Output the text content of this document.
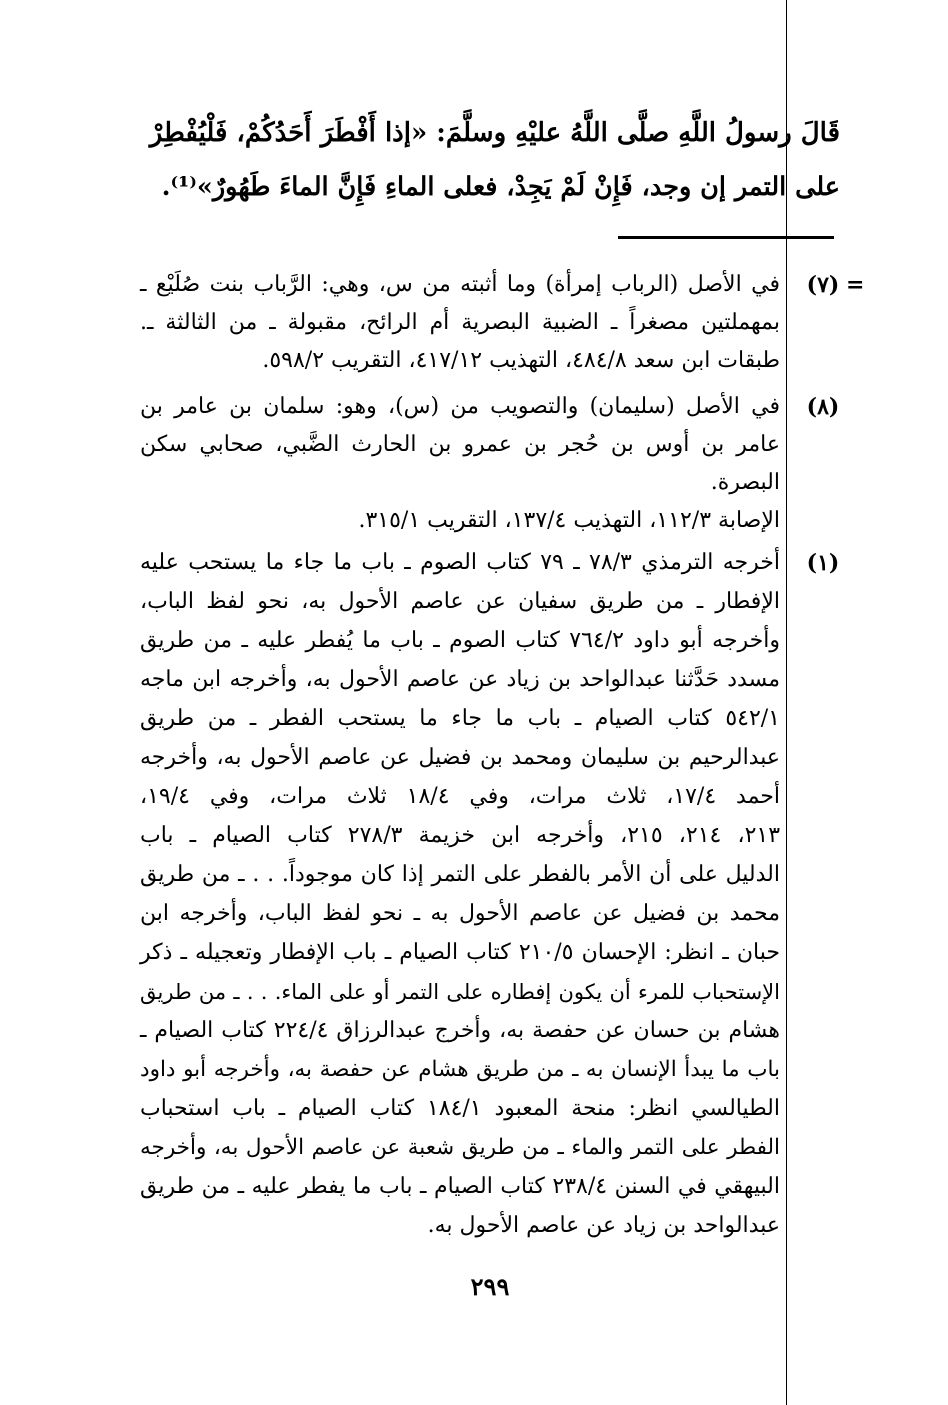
قَالَ رسولُ اللَّهِ صلَّى اللَّهُ عليْهِ وسلَّمَ: «إذا أَفْطَرَ أَحَدُكُمْ، فَلْيُفْطِرْ
على التمر إن وجد، فَإِنْ لَمْ يَجِدْ، فعلى الماءِ فَإِنَّ الماءَ طَهُورٌ»⁽¹⁾.
=
(٧)
في الأصل (الرباب إمرأة) وما أثبته من س، وهي: الرَّباب بنت صُلَيْع ـ
بمهملتين مصغراً ـ الضبية البصرية أم الرائح، مقبولة ـ من الثالثة ـ.
طبقات ابن سعد ٤٨٤/٨، التهذيب ٤١٧/١٢، التقريب ٥٩٨/٢.
(٨)
في الأصل (سليمان) والتصويب من (س)، وهو: سلمان بن عامر بن
عامر بن أوس بن حُجر بن عمرو بن الحارث الضَّبي، صحابي سكن
البصرة.
الإصابة ١١٢/٣، التهذيب ١٣٧/٤، التقريب ٣١٥/١.
(١)
أخرجه الترمذي ٧٨/٣ ـ ٧٩ كتاب الصوم ـ باب ما جاء ما يستحب عليه
الإفطار ـ من طريق سفيان عن عاصم الأحول به، نحو لفظ الباب،
وأخرجه أبو داود ٧٦٤/٢ كتاب الصوم ـ باب ما يُفطر عليه ـ من طريق
مسدد حَدَّثنا عبدالواحد بن زياد عن عاصم الأحول به، وأخرجه ابن ماجه
٥٤٢/١ كتاب الصيام ـ باب ما جاء ما يستحب الفطر ـ من طريق
عبدالرحيم بن سليمان ومحمد بن فضيل عن عاصم الأحول به، وأخرجه
أحمد ١٧/٤، ثلاث مرات، وفي ١٨/٤ ثلاث مرات، وفي ١٩/٤،
٢١٣، ٢١٤، ٢١٥، وأخرجه ابن خزيمة ٢٧٨/٣ كتاب الصيام ـ باب
الدليل على أن الأمر بالفطر على التمر إذا كان موجوداً. . . ـ من طريق
محمد بن فضيل عن عاصم الأحول به ـ نحو لفظ الباب، وأخرجه ابن
حبان ـ انظر: الإحسان ٢١٠/٥ كتاب الصيام ـ باب الإفطار وتعجيله ـ ذكر
الإستحباب للمرء أن يكون إفطاره على التمر أو على الماء. . . ـ من طريق
هشام بن حسان عن حفصة به، وأخرج عبدالرزاق ٢٢٤/٤ كتاب الصيام ـ
باب ما يبدأ الإنسان به ـ من طريق هشام عن حفصة به، وأخرجه أبو داود
الطيالسي انظر: منحة المعبود ١٨٤/١ كتاب الصيام ـ باب استحباب
الفطر على التمر والماء ـ من طريق شعبة عن عاصم الأحول به، وأخرجه
البيهقي في السنن ٢٣٨/٤ كتاب الصيام ـ باب ما يفطر عليه ـ من طريق
عبدالواحد بن زياد عن عاصم الأحول به.
٢٩٩
